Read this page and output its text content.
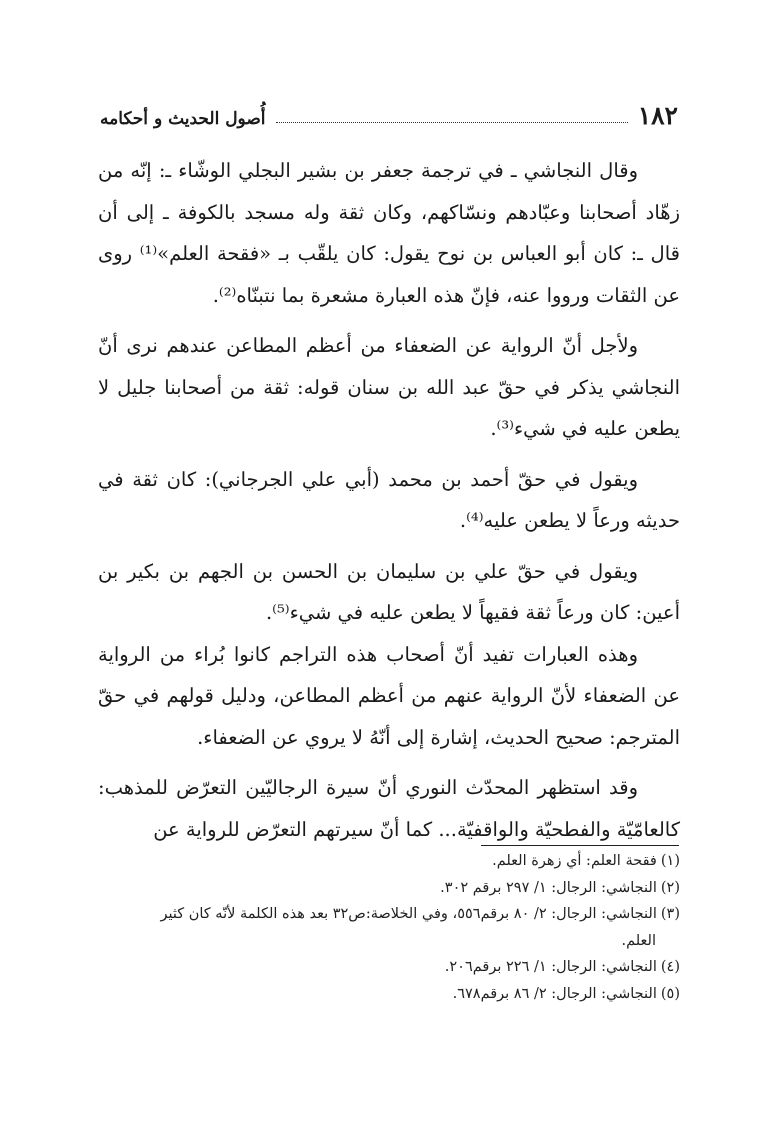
١٨٢
أُصول الحديث و أحكامه

وقال النجاشي ـ في ترجمة جعفر بن بشير البجلي الوشّاء ـ: إنّه من زهّاد أصحابنا وعبّادهم ونسّاكهم، وكان ثقة وله مسجد بالكوفة ـ إلى أن قال ـ: كان أبو العباس بن نوح يقول: كان يلقّب بـ «فقحة العلم»⁽¹⁾ روى عن الثقات ورووا عنه، فإنّ هذه العبارة مشعرة بما نتبنّاه⁽²⁾.

ولأجل أنّ الرواية عن الضعفاء من أعظم المطاعن عندهم نرى أنّ النجاشي يذكر في حقّ عبد الله بن سنان قوله: ثقة من أصحابنا جليل لا يطعن عليه في شيء⁽³⁾.

ويقول في حقّ أحمد بن محمد (أبي علي الجرجاني): كان ثقة في حديثه ورعاً لا يطعن عليه⁽⁴⁾.

ويقول في حقّ علي بن سليمان بن الحسن بن الجهم بن بكير بن أعين: كان ورعاً ثقة فقيهاً لا يطعن عليه في شيء⁽⁵⁾.

وهذه العبارات تفيد أنّ أصحاب هذه التراجم كانوا بُراء من الرواية عن الضعفاء لأنّ الرواية عنهم من أعظم المطاعن، ودليل قولهم في حقّ المترجم: صحيح الحديث، إشارة إلى أنّهُ لا يروي عن الضعفاء.

وقد استظهر المحدّث النوري أنّ سيرة الرجاليّين التعرّض للمذهب: كالعامّيّة والفطحيّة والواقفيّة... كما أنّ سيرتهم التعرّض للرواية عن

(١)فقحة العلم: أي زهرة العلم.

(٢)النجاشي: الرجال: ١/ ٢٩٧ برقم ٣٠٢.

(٣)النجاشي: الرجال: ٢/ ٨٠ برقم٥٥٦، وفي الخلاصة:ص٣٢ بعد هذه الكلمة لأنّه كان كثير

العلم.

(٤)النجاشي: الرجال: ١/ ٢٢٦ برقم٢٠٦.

(٥)النجاشي: الرجال: ٢/ ٨٦ برقم٦٧٨.
